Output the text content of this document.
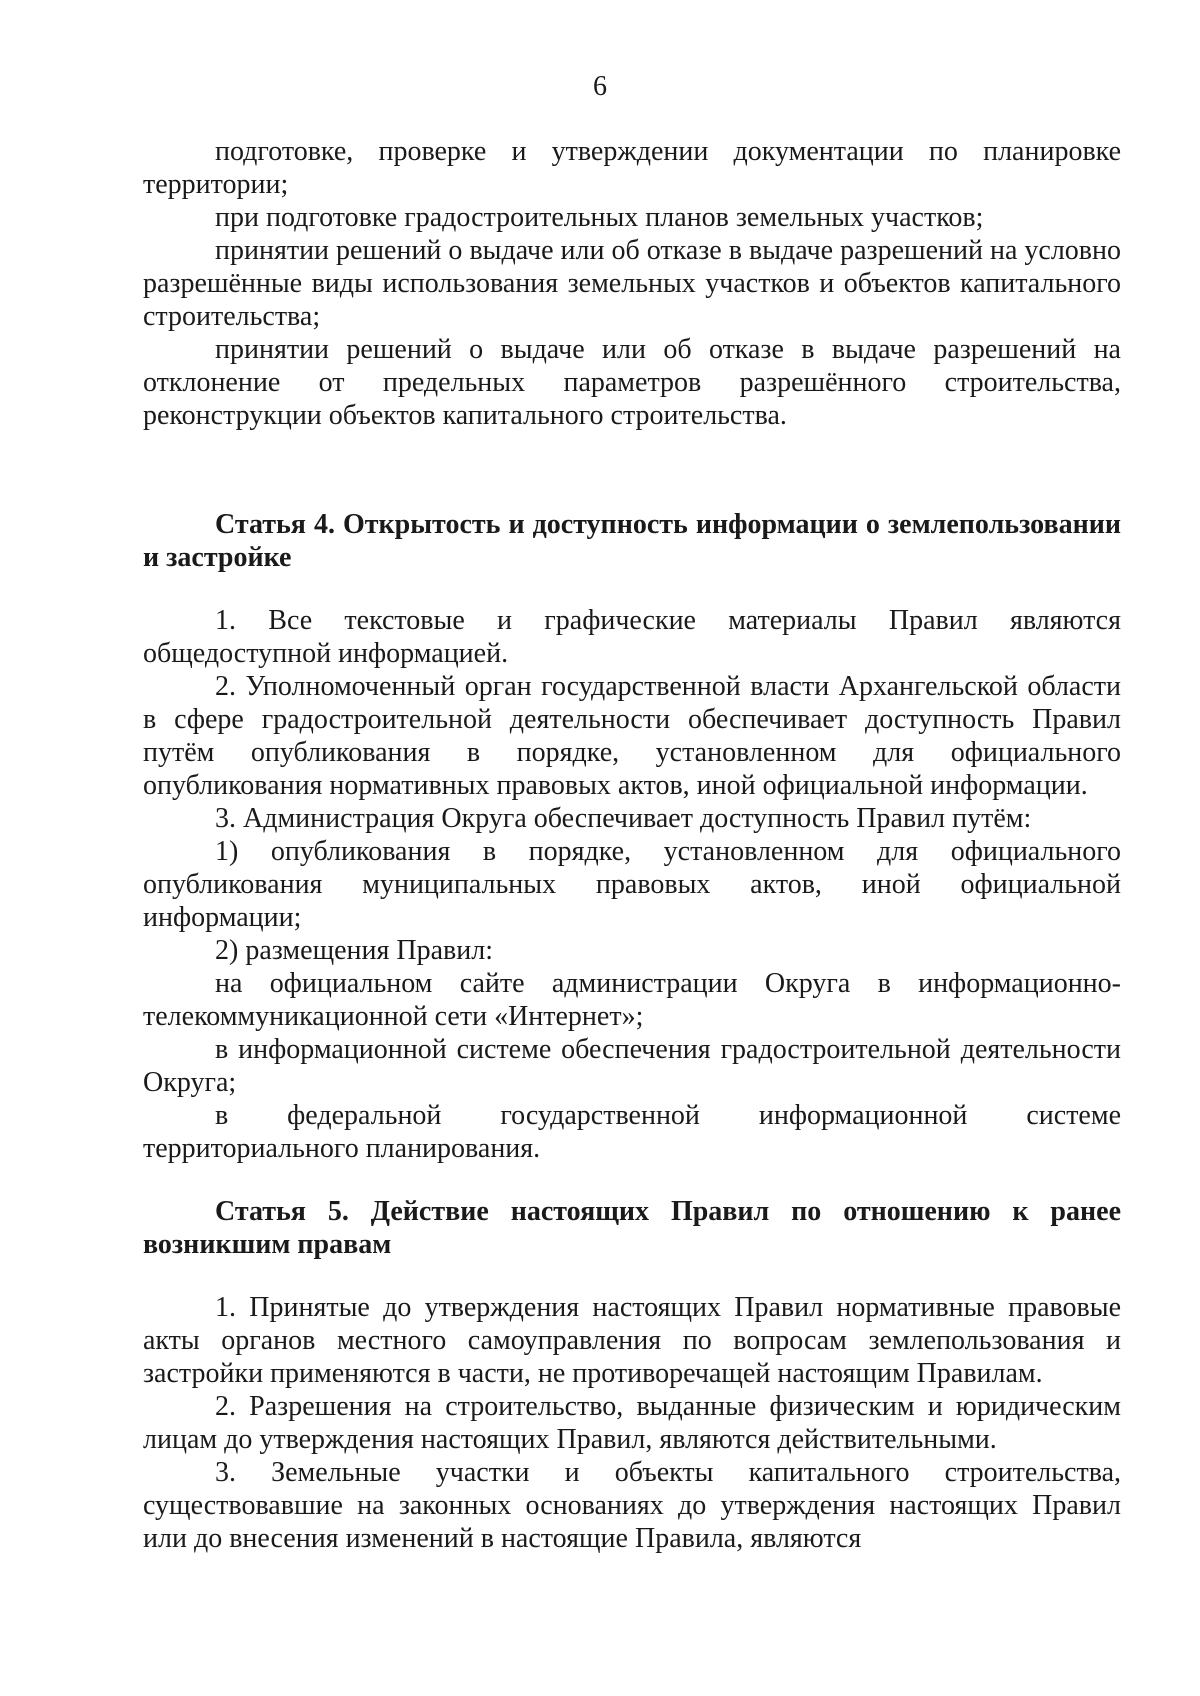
6

подготовке, проверке и утверждении документации по планировке территории;

при подготовке градостроительных планов земельных участков;

принятии решений о выдаче или об отказе в выдаче разрешений на условно разрешённые виды использования земельных участков и объектов капитального строительства;

принятии решений о выдаче или об отказе в выдаче разрешений на отклонение от предельных параметров разрешённого строительства, реконструкции объектов капитального строительства.

Статья 4. Открытость и доступность информации о землепользовании и застройке

1. Все текстовые и графические материалы Правил являются общедоступной информацией.

2. Уполномоченный орган государственной власти Архангельской области в сфере градостроительной деятельности обеспечивает доступность Правил путём опубликования в порядке, установленном для официального опубликования нормативных правовых актов, иной официальной информации.

3. Администрация Округа обеспечивает доступность Правил путём:

1) опубликования в порядке, установленном для официального опубликования муниципальных правовых актов, иной официальной информации;

2) размещения Правил:

на официальном сайте администрации Округа в информационно-телекоммуникационной сети «Интернет»;

в информационной системе обеспечения градостроительной деятельности Округа;

в федеральной государственной информационной системе территориального планирования.

Статья 5. Действие настоящих Правил по отношению к ранее возникшим правам

1. Принятые до утверждения настоящих Правил нормативные правовые акты органов местного самоуправления по вопросам землепользования и застройки применяются в части, не противоречащей настоящим Правилам.

2. Разрешения на строительство, выданные физическим и юридическим лицам до утверждения настоящих Правил, являются действительными.

3. Земельные участки и объекты капитального строительства, существовавшие на законных основаниях до утверждения настоящих Правил или до внесения изменений в настоящие Правила, являются
